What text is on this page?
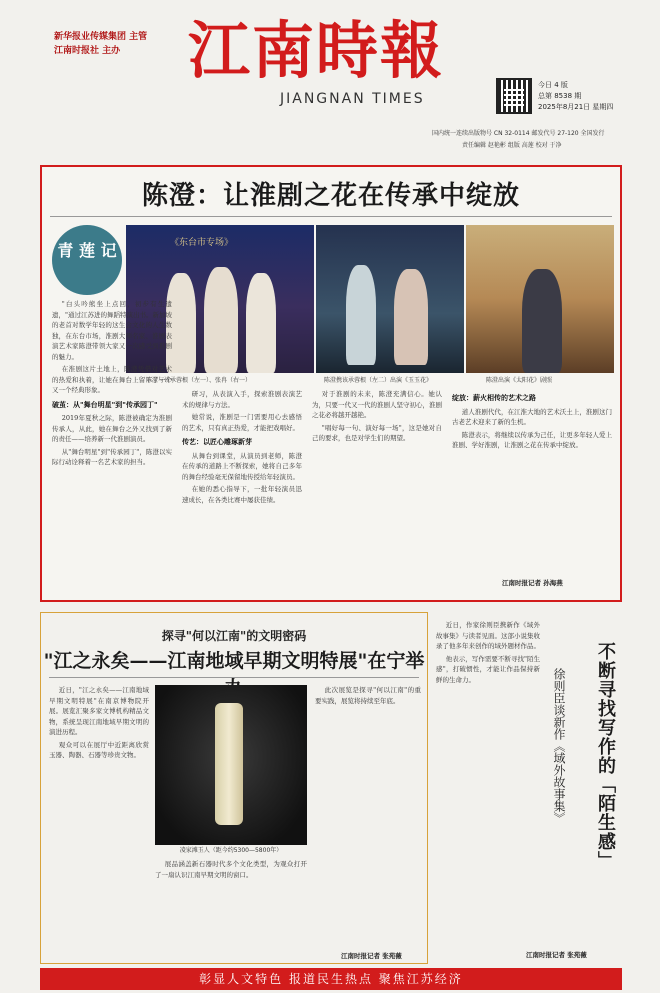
新华报业传媒集团 主管
江南时报社 主办	江南時報
JIANGNAN TIMES
今日 4 版
总第 8538 期
2025年8月21日 星期四
国内统一连续出版物号 CN 32-0114 邮发代号 27-120 全国发行
责任编辑 赵艳彬 组版 高莲 校对 于净
陈澄：让淮剧之花在传承中绽放
青 莲 记	《东台市专场》
陈澄与该承蓉根（左一）、张冉（右一）	陈澄携该承蓉根（左二）出演《玉玉花》	陈澄出演《太阳花》剧照

"白头吟熊坐上点回，初步有生遗遗，"通过江苏进的舞蹈特演出书。新加坡的老首对数学年轻的这生会文化的人生数独，在东台市场，淮剧大师名家、淮剧表演艺术家陈澄带领大家又一次感受到淮剧的魅力。

在淮剧这片土地上，陈澄凭借对艺术的热爱和执着，让她在舞台上留下了一个又一个经典形象。

破茧：从"舞台明星"到"传承园丁"

2019年夏秋之际，陈澄被确定为淮剧传承人，从此，她在舞台之外又找到了新的责任——培养新一代淮剧演员。

从"舞台明星"到"传承园丁"，陈澄以实际行动诠释着一名艺术家的担当。

研习，从表演入手，探索淮剧表演艺术的规律与方法。

她常说，淮剧是一门需要用心去感悟的艺术，只有真正热爱，才能把戏唱好。

传艺：以匠心雕琢新芽

从舞台到课堂，从演员到老师，陈澄在传承的道路上不断探索，她将自己多年的舞台经验毫无保留地传授给年轻演员。

在她的悉心指导下，一批年轻演员迅速成长，在各类比赛中屡获佳绩。

对于淮剧的未来，陈澄充满信心。她认为，只要一代又一代的淮剧人坚守初心，淮剧之花必将越开越艳。

"唱好每一句、演好每一场"，这是她对自己的要求，也是对学生们的期望。

绽放：薪火相传的艺术之路

道人淮剧代代，在江淮大地的艺术沃土上，淮剧这门古老艺术迎来了新的生机。

陈澄表示，将继续以传承为己任，让更多年轻人爱上淮剧、学好淮剧，让淮剧之花在传承中绽放。

江南时报记者 孙海燕
探寻"何以江南"的文明密码
"江之永矣——江南地域早期文明特展"在宁举

近日，"江之永矣——江南地域早期文明特展"在南京博物院开展。展览汇聚多家文博机构精品文物，系统呈现江南地域早期文明的演进历程。

观众可以在展厅中近距离欣赏玉器、陶器、石器等珍贵文物。

凌家滩玉人（距今约5300—5800年）

展品涵盖新石器时代多个文化类型，为观众打开了一扇认识江南早期文明的窗口。

此次展览是探寻"何以江南"的重要实践，展览将持续至年底。

江南时报记者 张苑薇
不断寻找写作的「陌生感」
徐则臣谈新作《域外故事集》

近日，作家徐则臣携新作《域外故事集》与读者见面。这部小说集收录了他多年来创作的域外题材作品。

他表示，写作需要不断寻找"陌生感"，打破惯性，才能让作品保持新鲜的生命力。

江南时报记者 张苑薇
彰显人文特色 报道民生热点 聚焦江苏经济
